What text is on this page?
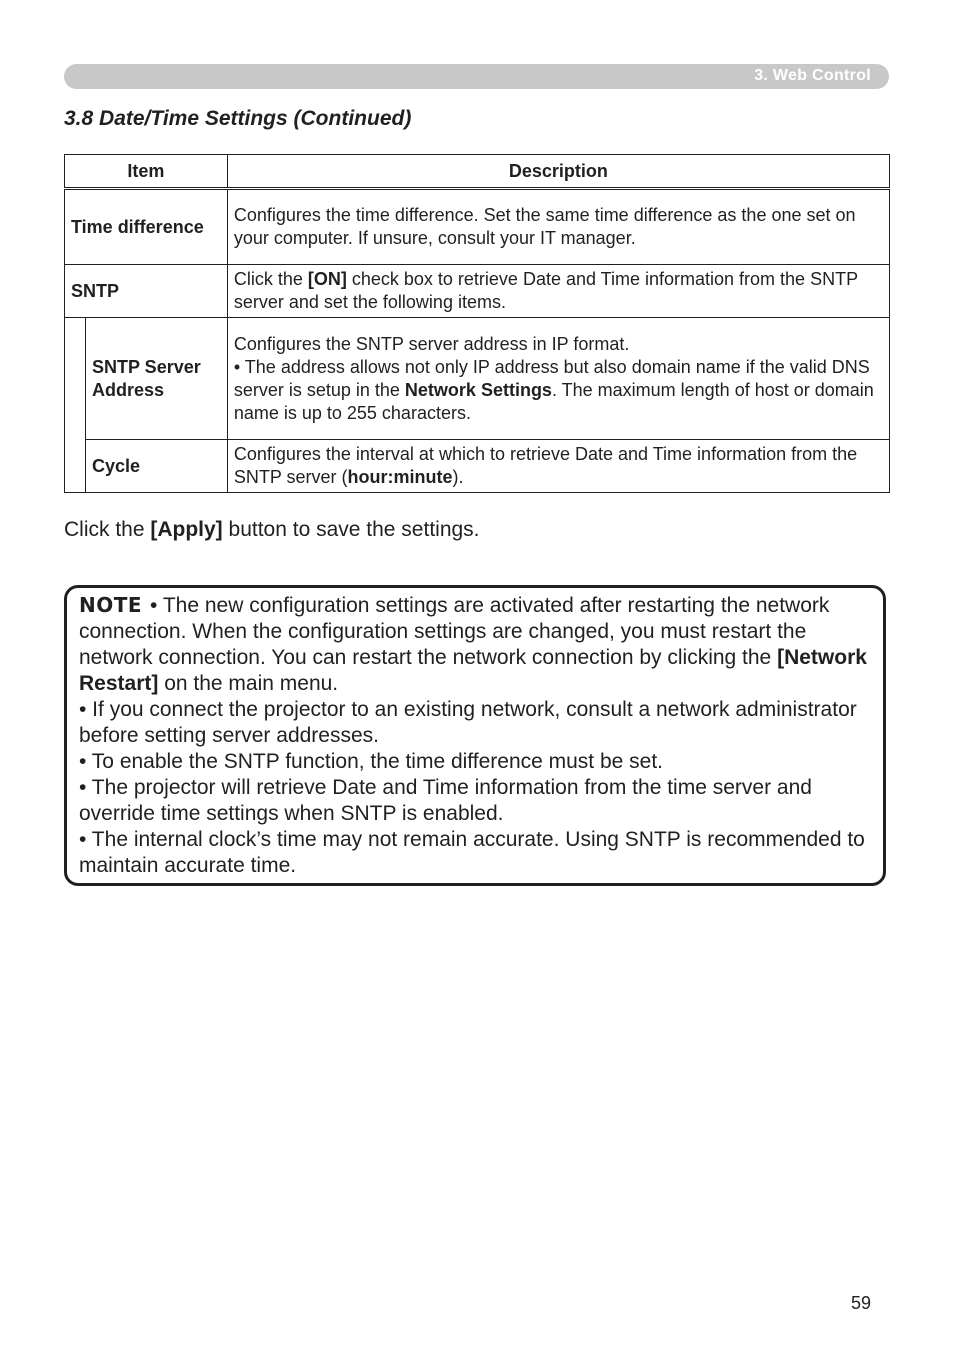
3. Web Control
3.8 Date/Time Settings (Continued)
Item		Description
Time difference		Configures the time difference. Set the same time difference as the one set on your computer. If unsure, consult your IT manager.
SNTP		Click the [ON] check box to retrieve Date and Time information from the SNTP server and set the following items.
	SNTP Server Address	Configures the SNTP server address in IP format.
• The address allows not only IP address but also domain name if the valid DNS server is setup in the Network Settings. The maximum length of host or domain name is up to 255 characters.
	Cycle	Configures the interval at which to retrieve Date and Time information from the SNTP server (hour:minute).

Click the [Apply] button to save the settings.

NOTE • The new configuration settings are activated after restarting the network connection. When the configuration settings are changed, you must restart the network connection. You can restart the network connection by clicking the [Network Restart] on the main menu.

• If you connect the projector to an existing network, consult a network administrator before setting server addresses.

• To enable the SNTP function, the time difference must be set.

• The projector will retrieve Date and Time information from the time server and override time settings when SNTP is enabled.

• The internal clock’s time may not remain accurate. Using SNTP is recommended to maintain accurate time.

59
